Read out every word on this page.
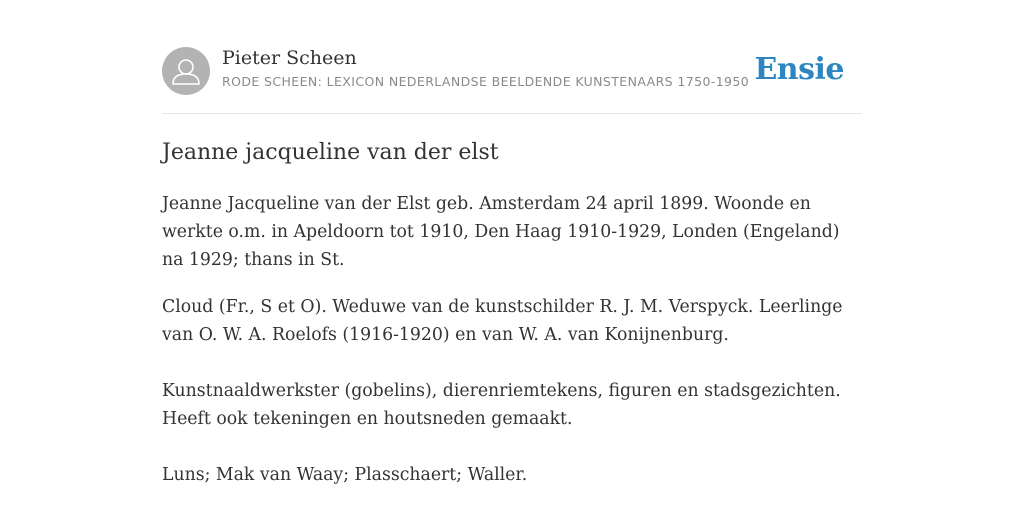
Pieter Scheen
RODE SCHEEN: LEXICON NEDERLANDSE BEELDENDE KUNSTENAARS 1750-1950 Ensie
Jeanne jacqueline van der elst

Jeanne Jacqueline van der Elst geb. Amsterdam 24 april 1899. Woonde en werkte o.m. in Apeldoorn tot 1910, Den Haag 1910-1929, Londen (Engeland) na 1929; thans in St.

Cloud (Fr., S et O). Weduwe van de kunstschilder R. J. M. Verspyck. Leerlinge van O. W. A. Roelofs (1916-1920) en van W. A. van Konijnenburg.

Kunstnaaldwerkster (gobelins), dierenriemtekens, figuren en stadsgezichten. Heeft ook tekeningen en houtsneden gemaakt.

Luns; Mak van Waay; Plasschaert; Waller.
